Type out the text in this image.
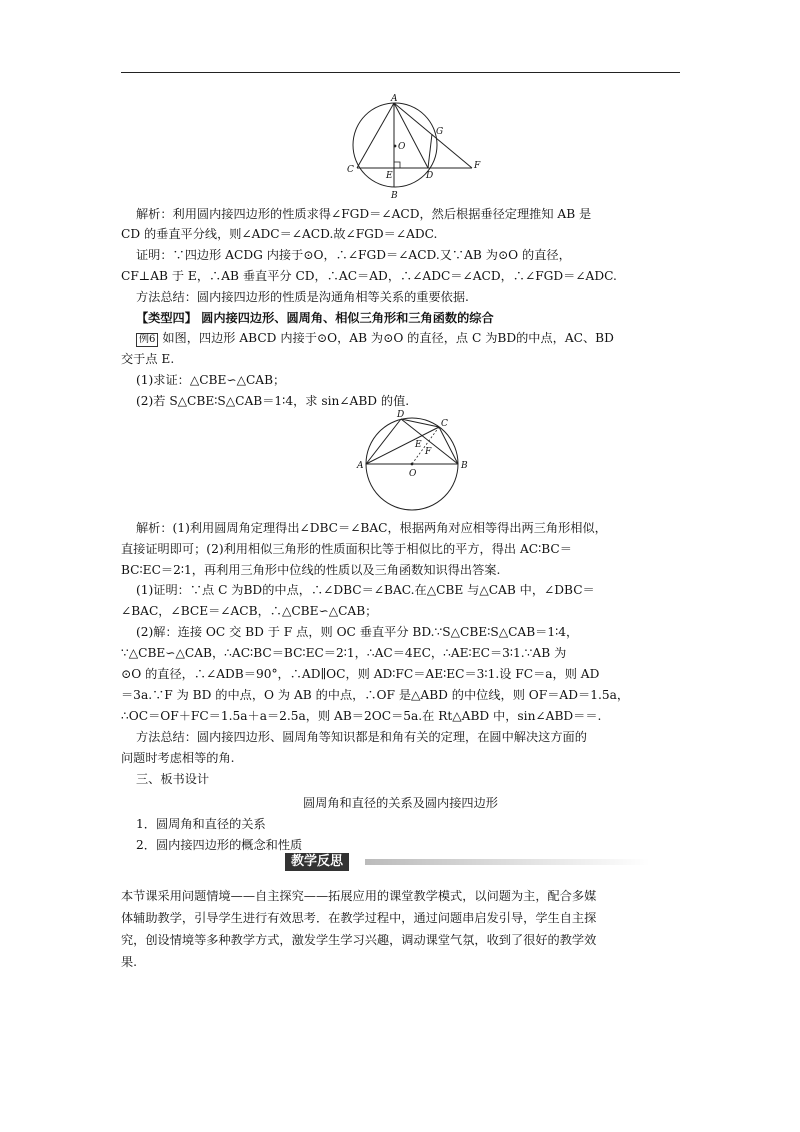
A
G
O
C
E	D
F
B
解析：利用圆内接四边形的性质求得∠FGD＝∠ACD，然后根据垂径定理推知 AB 是
CD 的垂直平分线，则∠ADC＝∠ACD.故∠FGD＝∠ADC.
证明：∵四边形 ACDG 内接于⊙O，∴∠FGD＝∠ACD.又∵AB 为⊙O 的直径，
CF⊥AB 于 E，∴AB 垂直平分 CD，∴AC＝AD，∴∠ADC＝∠ACD，∴∠FGD＝∠ADC.
方法总结：圆内接四边形的性质是沟通角相等关系的重要依据.
【类型四】 圆内接四边形、圆周角、相似三角形和三角函数的综合
例6 如图，四边形 ABCD 内接于⊙O，AB 为⊙O 的直径，点 C 为BD的中点，AC、BD
交于点 E.
(1)求证：△CBE∽△CAB；
(2)若 S△CBE∶S△CAB＝1∶4，求 sin∠ABD 的值.
D
C
E
F
A
O
B
解析：(1)利用圆周角定理得出∠DBC＝∠BAC，根据两角对应相等得出两三角形相似，
直接证明即可；(2)利用相似三角形的性质面积比等于相似比的平方，得出 AC∶BC＝
BC∶EC＝2∶1，再利用三角形中位线的性质以及三角函数知识得出答案.
(1)证明：∵点 C 为BD的中点，∴∠DBC＝∠BAC.在△CBE 与△CAB 中，∠DBC＝
∠BAC，∠BCE＝∠ACB，∴△CBE∽△CAB；
(2)解：连接 OC 交 BD 于 F 点，则 OC 垂直平分 BD.∵S△CBE∶S△CAB＝1∶4，
∵△CBE∽△CAB，∴AC∶BC＝BC∶EC＝2∶1，∴AC＝4EC，∴AE∶EC＝3∶1.∵AB 为
⊙O 的直径，∴∠ADB＝90°，∴AD∥OC，则 AD∶FC＝AE∶EC＝3∶1.设 FC＝a，则 AD
＝3a.∵F 为 BD 的中点，O 为 AB 的中点，∴OF 是△ABD 的中位线，则 OF＝AD＝1.5a，
∴OC＝OF＋FC＝1.5a＋a＝2.5a，则 AB＝2OC＝5a.在 Rt△ABD 中，sin∠ABD＝＝.
方法总结：圆内接四边形、圆周角等知识都是和角有关的定理，在圆中解决这方面的
问题时考虑相等的角.
三、板书设计
圆周角和直径的关系及圆内接四边形
1．圆周角和直径的关系
2．圆内接四边形的概念和性质
教学反思
本节课采用问题情境——自主探究——拓展应用的课堂教学模式，以问题为主，配合多媒
体辅助教学，引导学生进行有效思考．在教学过程中，通过问题串启发引导，学生自主探
究，创设情境等多种教学方式，激发学生学习兴趣，调动课堂气氛，收到了很好的教学效
果.
